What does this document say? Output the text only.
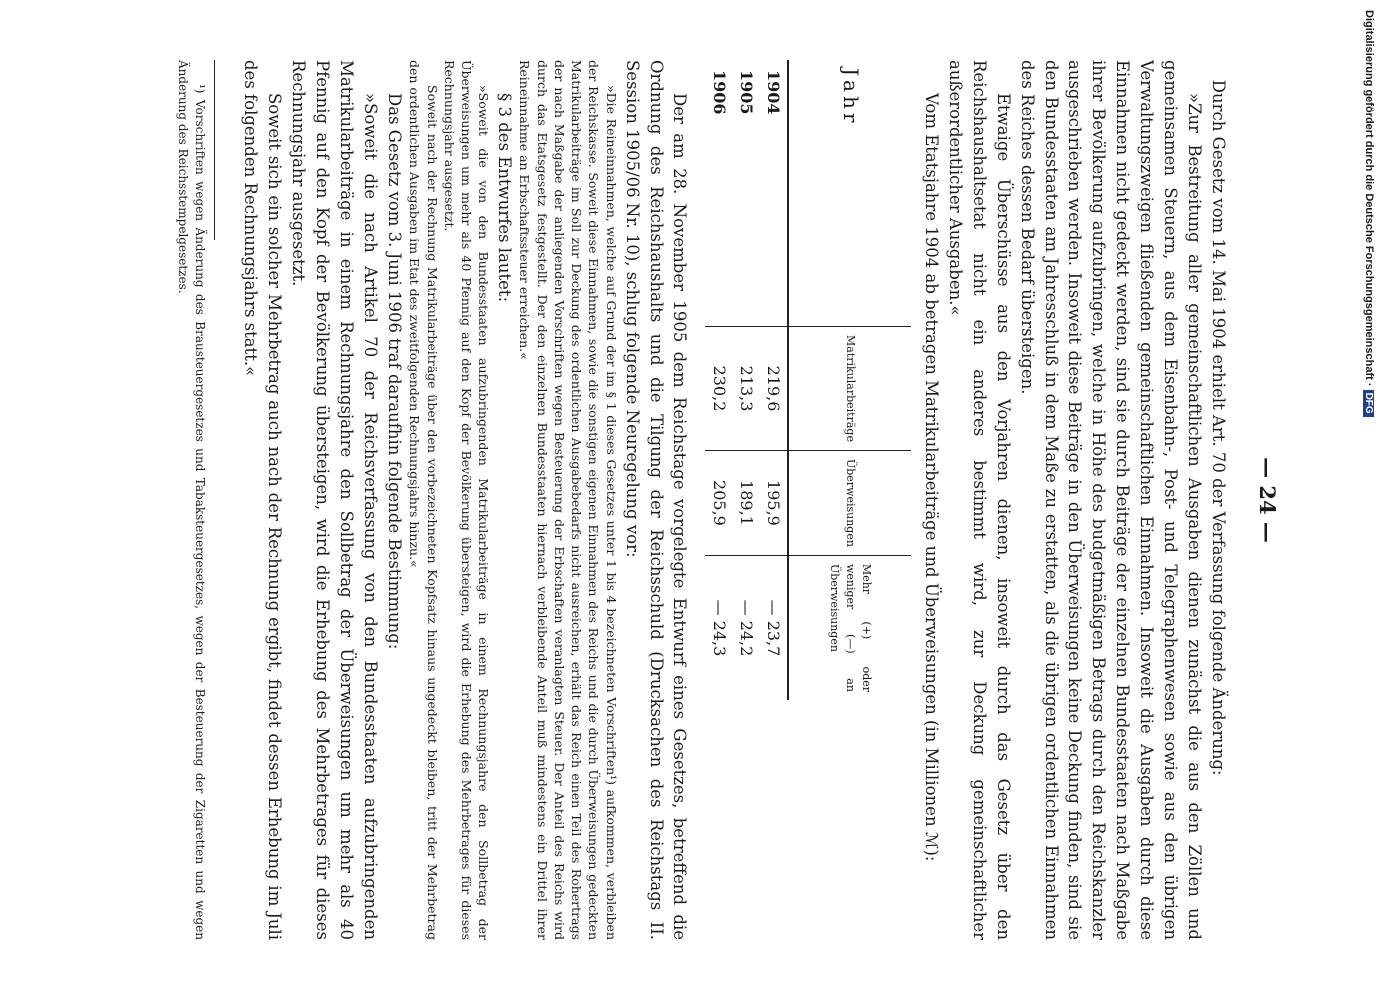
— 24 —

Durch Gesetz vom 14. Mai 1904 erhielt Art. 70 der Verfassung folgende Änderung:

»Zur Bestreitung aller gemeinschaftlichen Ausgaben dienen zunächst die aus den Zöllen und gemeinsamen Steuern, aus dem Eisenbahn-, Post- und Telegraphenwesen sowie aus den übrigen Verwaltungszweigen fließenden gemeinschaftlichen Einnahmen. Insoweit die Ausgaben durch diese Einnahmen nicht gedeckt werden, sind sie durch Beiträge der einzelnen Bundesstaaten nach Maßgabe ihrer Bevölkerung aufzubringen, welche in Höhe des budgetmäßigen Betrags durch den Reichskanzler ausgeschrieben werden. Insoweit diese Beiträge in den Überweisungen keine Deckung finden, sind sie den Bundesstaaten am Jahresschluß in dem Maße zu erstatten, als die übrigen ordentlichen Einnahmen des Reiches dessen Bedarf übersteigen.

Etwaige Überschüsse aus den Vorjahren dienen, insoweit durch das Gesetz über den Reichshaushaltsetat nicht ein anderes bestimmt wird, zur Deckung gemeinschaftlicher außerordentlicher Ausgaben.«

Vom Etatsjahre 1904 ab betragen Matrikularbeiträge und Überweisungen (in Millionen ℳ):

Jahr	Matrikularbeiträge	Überweisungen	Mehr (+) oder weniger (—) an Überweisungen
1904	219,6	195,9	— 23,7
1905	213,3	189,1	— 24,2
1906	230,2	205,9	— 24,3

Der am 28. November 1905 dem Reichstage vorgelegte Entwurf eines Gesetzes, betreffend die Ordnung des Reichshaushalts und die Tilgung der Reichsschuld (Drucksachen des Reichstags II. Session 1905/06 Nr. 10), schlug folgende Neuregelung vor:

»Die Reineinnahmen, welche auf Grund der im § 1 dieses Gesetzes unter 1 bis 4 bezeichneten Vorschriften¹) aufkommen, verbleiben der Reichskasse. Soweit diese Einnahmen, sowie die sonstigen eigenen Einnahmen des Reichs und die durch Überweisungen gedeckten Matrikularbeiträge im Soll zur Deckung des ordentlichen Ausgabebedarfs nicht ausreichen, erhält das Reich einen Teil des Rohertrags der nach Maßgabe der anliegenden Vorschriften wegen Besteuerung der Erbschaften veranlagten Steuer. Der Anteil des Reichs wird durch das Etatsgesetz festgestellt. Der den einzelnen Bundesstaaten hiernach verbleibende Anteil muß mindestens ein Drittel ihrer Reineinnahme an Erbschaftssteuer erreichen.«

§ 3 des Entwurfes lautet:

»Soweit die von den Bundesstaaten aufzubringenden Matrikularbeiträge in einem Rechnungsjahre den Sollbetrag der Überweisungen um mehr als 40 Pfennig auf den Kopf der Bevölkerung übersteigen, wird die Erhebung des Mehrbetrages für dieses Rechnungsjahr ausgesetzt.

Soweit nach der Rechnung Matrikularbeiträge über den vorbezeichneten Kopfsatz hinaus ungedeckt bleiben, tritt der Mehrbetrag den ordentlichen Ausgaben im Etat des zweitfolgenden Rechnungsjahrs hinzu.«

Das Gesetz vom 3. Juni 1906 traf daraufhin folgende Bestimmung:

»Soweit die nach Artikel 70 der Reichsverfassung von den Bundesstaaten aufzubringenden Matrikularbeiträge in einem Rechnungsjahre den Sollbetrag der Überweisungen um mehr als 40 Pfennig auf den Kopf der Bevölkerung übersteigen, wird die Erhebung des Mehrbetrages für dieses Rechnungsjahr ausgesetzt.

Soweit sich ein solcher Mehrbetrag auch nach der Rechnung ergibt, findet dessen Erhebung im Juli des folgenden Rechnungsjahrs statt.«

¹) Vorschriften wegen Änderung des Brausteuergesetzes und Tabaksteuergesetzes, wegen der Besteuerung der Zigaretten und wegen Änderung des Reichsstempelgesetzes.	Digitalisierung gefördert durch die Deutsche Forschungsgemeinschaft · DFG
